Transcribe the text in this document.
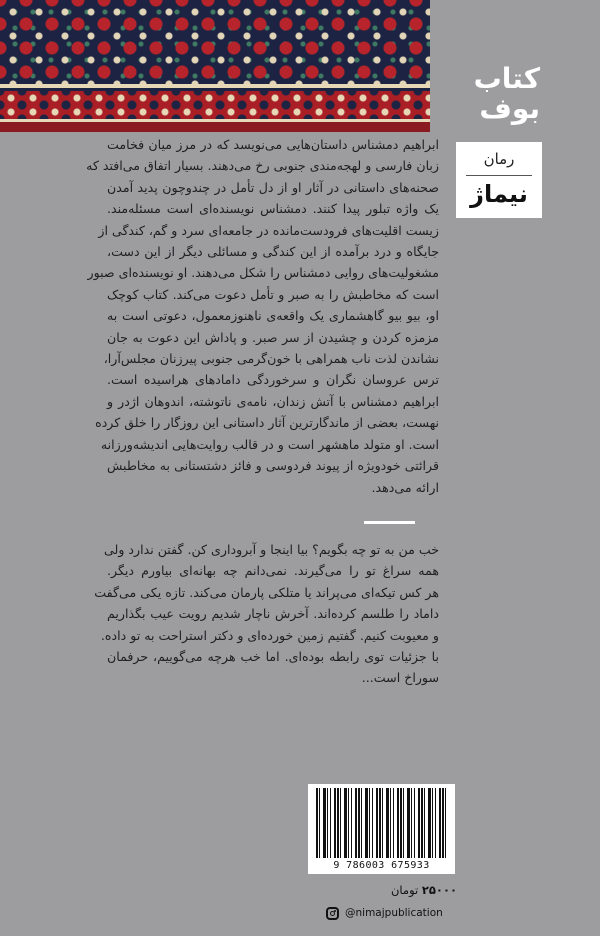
کتاب
بوف
رمان
نیماژ
ابراهیم دمشناس داستان‌هایی می‌نویسد که در مرز میان فخامت
زبان فارسی و لهجه‌مندی جنوبی رخ می‌دهند. بسیار اتفاق می‌افتد که
صحنه‌های داستانی در آثار او از دل تأمل در چندوچون پدید آمدن
یک واژه تبلور پیدا کنند. دمشناس نویسنده‌ای است مسئله‌مند.
زیست اقلیت‌های فرودست‌مانده در جامعه‌ای سرد و گم، کندگی از
جایگاه و درد برآمده از این کندگی و مسائلی دیگر از این دست،
مشغولیت‌های روایی دمشناس را شکل می‌دهند. او نویسنده‌ای صبور
است که مخاطبش را به صبر و تأمل دعوت می‌کند. کتاب کوچک
او، بیو بیو گاهشماری یک واقعه‌ی ناهنوزمعمول، دعوتی است به
مزمزه کردن و چشیدن از سر صبر. و پاداش این دعوت به جان
نشاندن لذت ناب همراهی با خون‌گرمی جنوبی پیرزنان مجلس‌آرا،
ترس عروسان نگران و سرخوردگی دامادهای هراسیده است.
ابراهیم دمشناس با آتش زندان، نامه‌ی ناتوشته، اندوهان اژدر و
نهست، بعضی از ماندگارترین آثار داستانی این روزگار را خلق کرده
است. او متولد ماهشهر است و در قالب روایت‌هایی اندیشه‌ورزانه
قرائتی خودویژه از پیوند فردوسی و فائز دشتستانی به مخاطبش
ارائه می‌دهد.
خب من به تو چه بگویم؟ بیا اینجا و آبروداری کن. گفتن ندارد ولی
همه سراغ تو را می‌گیرند. نمی‌دانم چه بهانه‌ای بیاورم دیگر.
هر کس تیکه‌ای می‌پراند یا متلکی پارمان می‌کند. تازه یکی می‌گفت
داماد را طلسم کرده‌اند. آخرش ناچار شدیم رویت عیب بگذاریم
و معیوبت کنیم. گفتیم زمین خورده‌ای و دکتر استراحت به تو داده.
با جزئیات توی رابطه بوده‌ای. اما خب هرچه می‌گوییم، حرفمان
سوراخ است...
9 786003 675933
۲۵۰۰۰ تومان
@nimajpublication
